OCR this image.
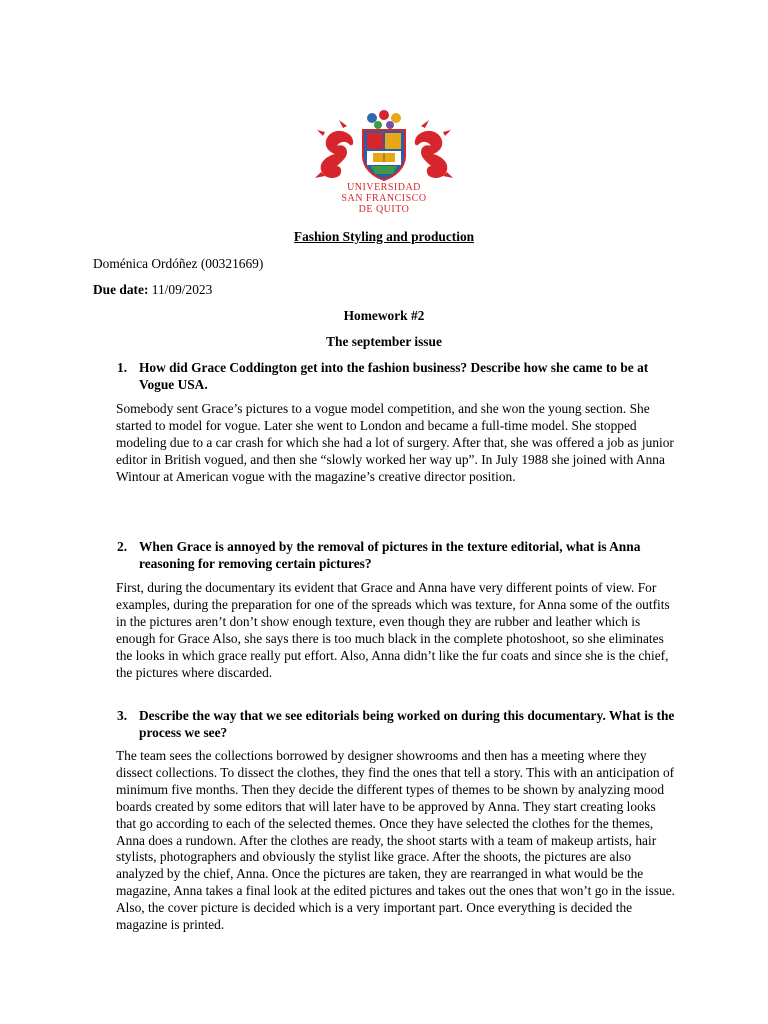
UNIVERSIDAD
SAN FRANCISCO
DE QUITO
Fashion Styling and production
Doménica Ordóñez (00321669)
Due date: 11/09/2023
Homework #2
The september issue
1. How did Grace Coddington get into the fashion business? Describe how she came to be at Vogue USA.
Somebody sent Grace’s pictures to a vogue model competition, and she won the young section. She started to model for vogue. Later she went to London and became a full-time model. She stopped modeling due to a car crash for which she had a lot of surgery. After that, she was offered a job as junior editor in British vogued, and then she “slowly worked her way up”. In July 1988 she joined with Anna Wintour at American vogue with the magazine’s creative director position.
2. When Grace is annoyed by the removal of pictures in the texture editorial, what is Anna reasoning for removing certain pictures?
First, during the documentary its evident that Grace and Anna have very different points of view. For examples, during the preparation for one of the spreads which was texture, for Anna some of the outfits in the pictures aren’t don’t show enough texture, even though they are rubber and leather which is enough for Grace Also, she says there is too much black in the complete photoshoot, so she eliminates the looks in which grace really put effort. Also, Anna didn’t like the fur coats and since she is the chief, the pictures where discarded.
3. Describe the way that we see editorials being worked on during this documentary. What is the process we see?
The team sees the collections borrowed by designer showrooms and then has a meeting where they dissect collections. To dissect the clothes, they find the ones that tell a story. This with an anticipation of minimum five months. Then they decide the different types of themes to be shown by analyzing mood boards created by some editors that will later have to be approved by Anna. They start creating looks that go according to each of the selected themes. Once they have selected the clothes for the themes, Anna does a rundown. After the clothes are ready, the shoot starts with a team of makeup artists, hair stylists, photographers and obviously the stylist like grace. After the shoots, the pictures are also analyzed by the chief, Anna. Once the pictures are taken, they are rearranged in what would be the magazine, Anna takes a final look at the edited pictures and takes out the ones that won’t go in the issue. Also, the cover picture is decided which is a very important part. Once everything is decided the magazine is printed.
